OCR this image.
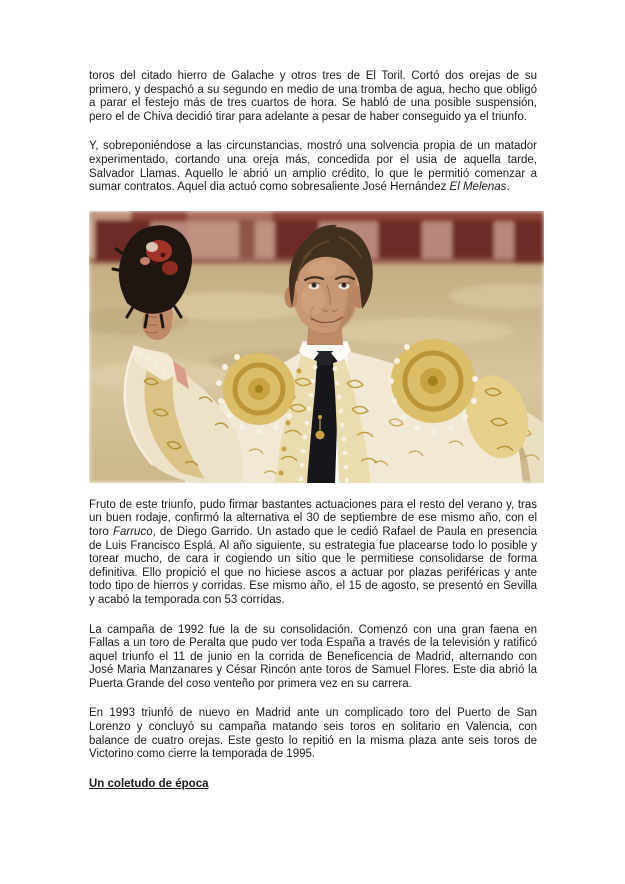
toros del citado hierro de Galache y otros tres de El Toril. Cortó dos orejas de su primero, y despachó a su segundo en medio de una tromba de agua, hecho que obligó a parar el festejo más de tres cuartos de hora. Se habló de una posible suspensión, pero el de Chiva decidió tirar para adelante a pesar de haber conseguido ya el triunfo.

Y, sobreponiéndose a las circunstancias, mostró una solvencia propia de un matador experimentado, cortando una oreja más, concedida por el usia de aquella tarde, Salvador Llamas. Aquello le abrió un amplio crédito, lo que le permitió comenzar a sumar contratos. Aquel dia actuó como sobresaliente José Hernández El Melenas.

Fruto de este triunfo, pudo firmar bastantes actuaciones para el resto del verano y, tras un buen rodaje, confirmó la alternativa el 30 de septiembre de ese mismo año, con el toro Farruco, de Diego Garrido. Un astado que le cedió Rafael de Paula en presencia de Luis Francisco Esplá. Al año siguiente, su estrategia fue placearse todo lo posible y torear mucho, de cara ir cogiendo un sitio que le permitiese consolidarse de forma definitiva. Ello propició el que no hiciese ascos a actuar por plazas periféricas y ante todo tipo de hierros y corridas. Ese mismo año, el 15 de agosto, se presentó en Sevilla y acabó la temporada con 53 corridas.

La campaña de 1992 fue la de su consolidación. Comenzó con una gran faena en Fallas a un toro de Peralta que pudo ver toda España a través de la televisión y ratificó aquel triunfo el 11 de junio en la corrida de Beneficencia de Madrid, alternando con José Maria Manzanares y César Rincón ante toros de Samuel Flores. Este dia abrió la Puerta Grande del coso venteño por primera vez en su carrera.

En 1993 triunfó de nuevo en Madrid ante un complicado toro del Puerto de San Lorenzo y concluyó su campaña matando seis toros en solitario en Valencia, con balance de cuatro orejas. Este gesto lo repitió en la misma plaza ante seis toros de Victorino como cierre la temporada de 1995.

Un coletudo de época
